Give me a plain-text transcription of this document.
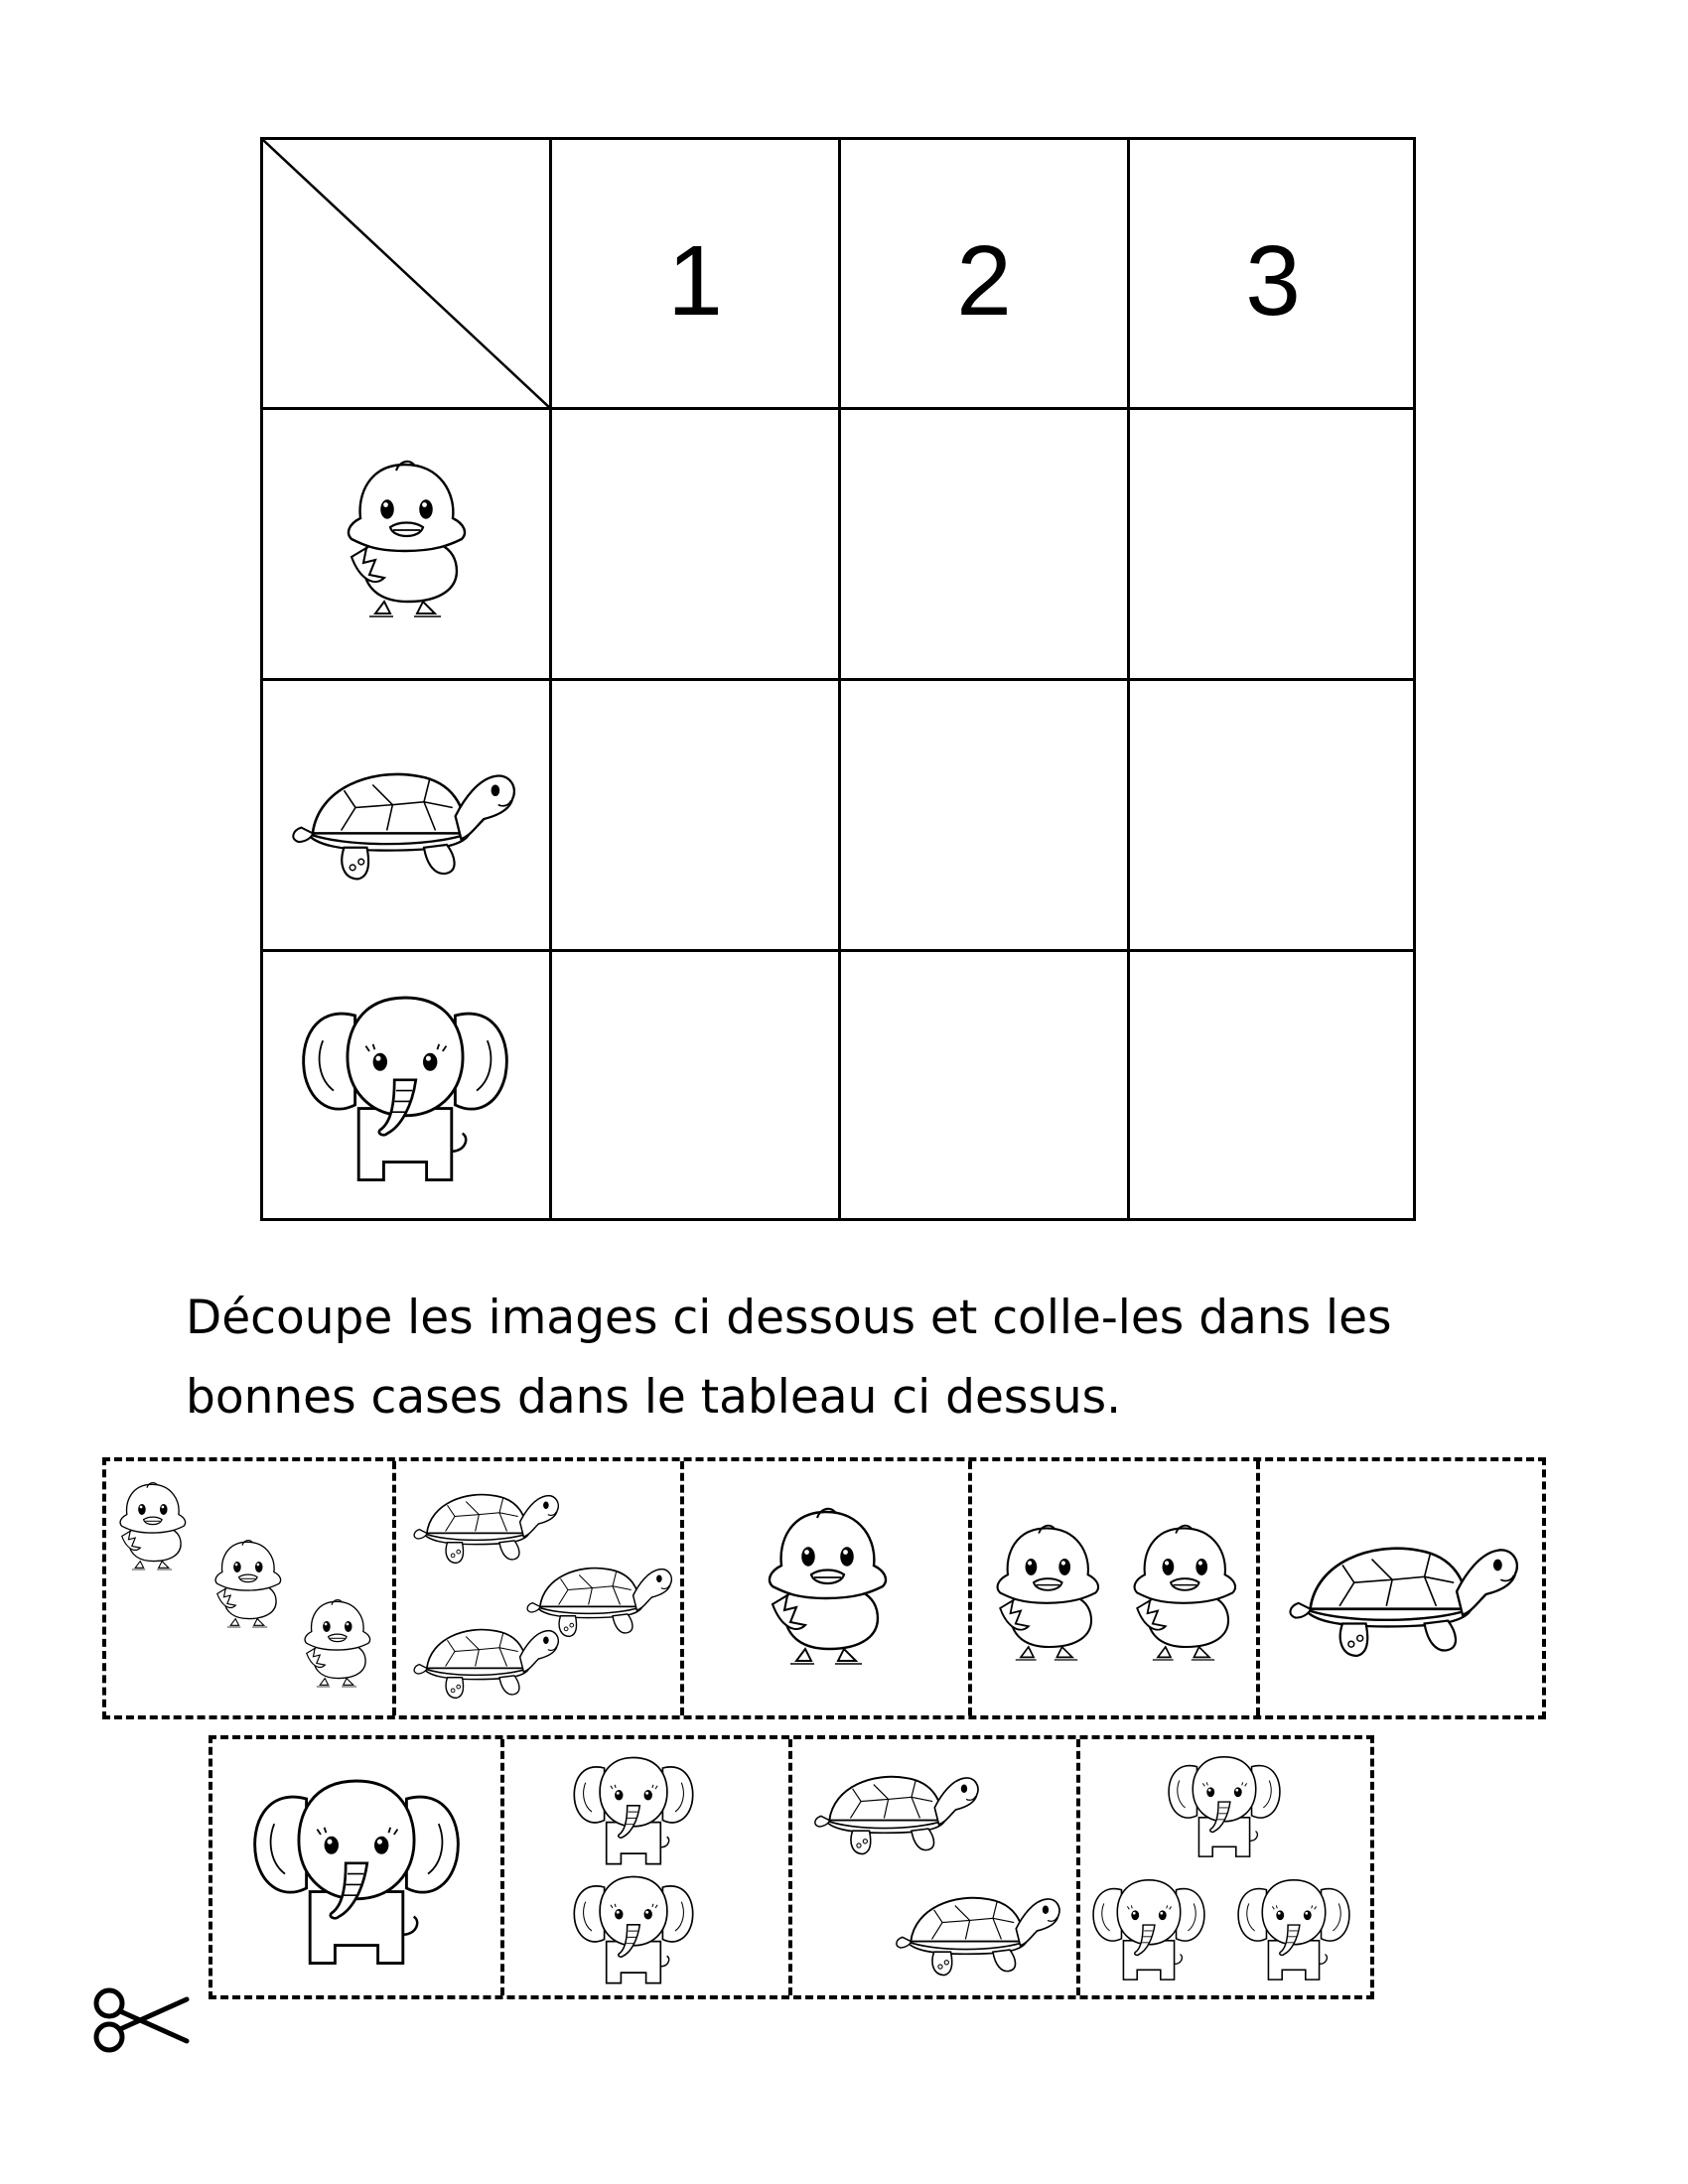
1	2	3
Découpe les images ci dessous et colle-les dans les
bonnes cases dans le tableau ci dessus.
